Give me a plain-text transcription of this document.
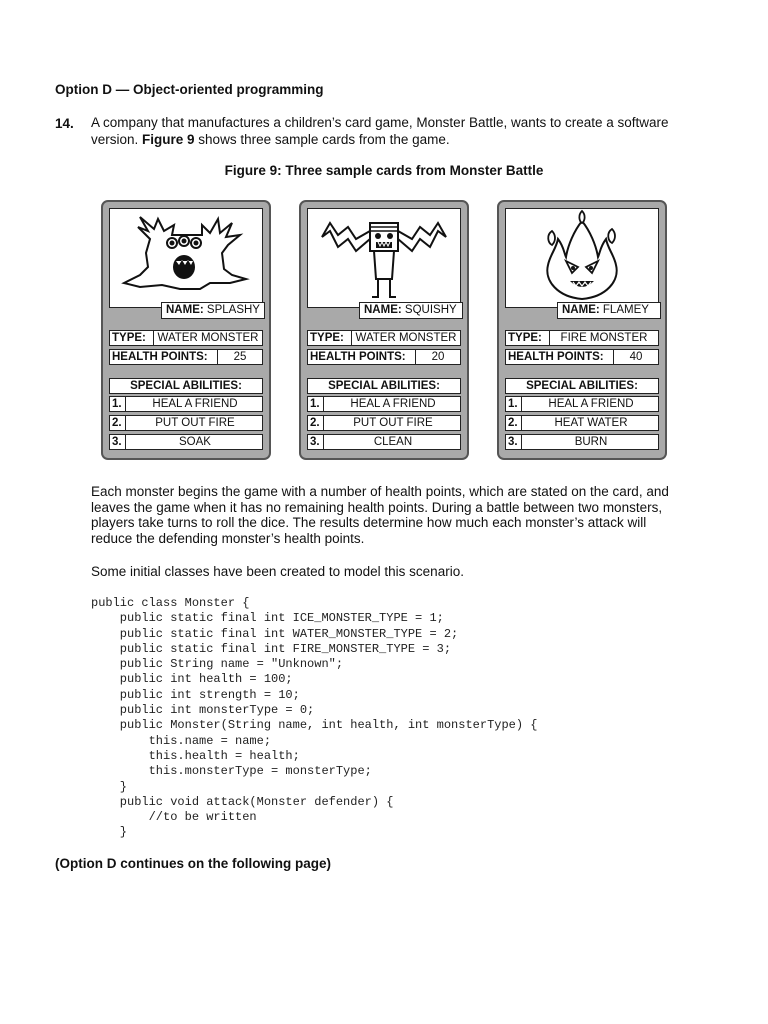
Option D — Object-oriented programming
14. A company that manufactures a children’s card game, Monster Battle, wants to create a software version. Figure 9 shows three sample cards from the game.
Figure 9: Three sample cards from Monster Battle
NAME: SPLASHY
TYPE:	WATER MONSTER
HEALTH POINTS:	25
SPECIAL ABILITIES:
1.	HEAL A FRIEND
2.	PUT OUT FIRE
3.	SOAK
NAME: SQUISHY
TYPE:	WATER MONSTER
HEALTH POINTS:	20
SPECIAL ABILITIES:
1.	HEAL A FRIEND
2.	PUT OUT FIRE
3.	CLEAN
NAME: FLAMEY
TYPE:	FIRE MONSTER
HEALTH POINTS:	40
SPECIAL ABILITIES:
1.	HEAL A FRIEND
2.	HEAT WATER
3.	BURN
Each monster begins the game with a number of health points, which are stated on the card, and leaves the game when it has no remaining health points. During a battle between two monsters, players take turns to roll the dice. The results determine how much each monster’s attack will reduce the defending monster’s health points.
Some initial classes have been created to model this scenario.
public class Monster {
public static final int ICE_MONSTER_TYPE = 1;
public static final int WATER_MONSTER_TYPE = 2;
public static final int FIRE_MONSTER_TYPE = 3;
public String name = "Unknown";
public int health = 100;
public int strength = 10;
public int monsterType = 0;
public Monster(String name, int health, int monsterType) {
this.name = name;
this.health = health;
this.monsterType = monsterType;
}
public void attack(Monster defender) {
//to be written
}
(Option D continues on the following page)
